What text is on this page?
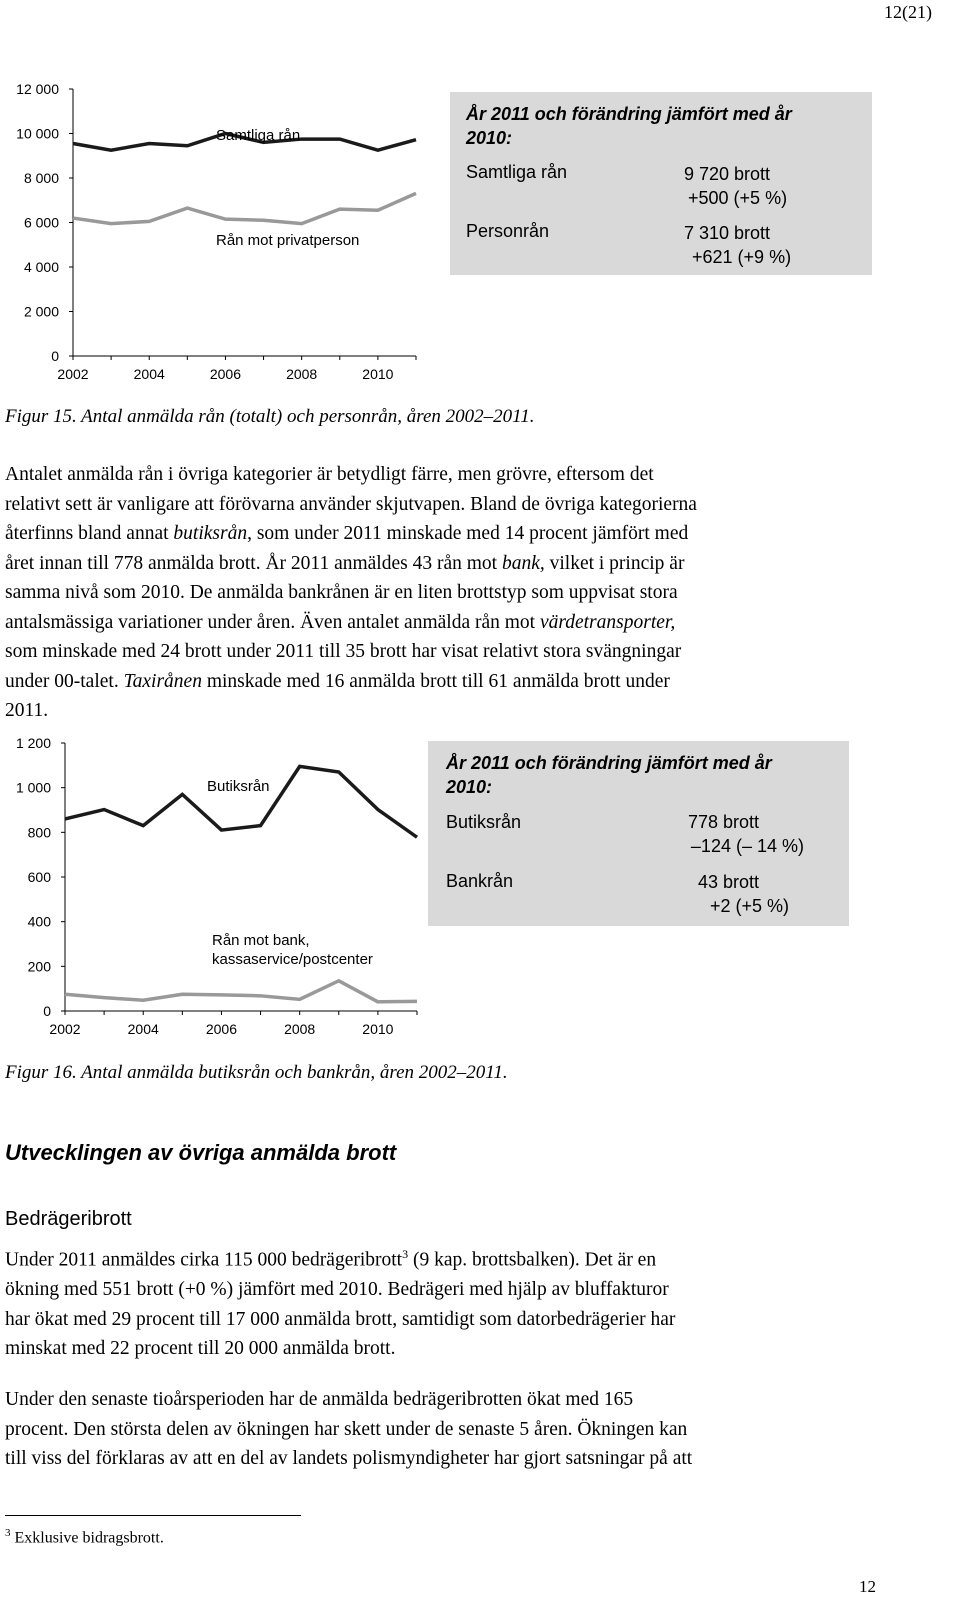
12(21)
0
2 000
4 000
6 000
8 000
10 000
12 000
2002	2004	2006	2008	2010
Samtliga rån
Rån mot privatperson
År 2011 och förändring jämfört med år
2010:
Samtliga rån	9 720 brott
+500 (+5 %)
Personrån	7 310 brott
+621 (+9 %)
Figur 15. Antal anmälda rån (totalt) och personrån, åren 2002–2011.
Antalet anmälda rån i övriga kategorier är betydligt färre, men grövre, eftersom det
relativt sett är vanligare att förövarna använder skjutvapen. Bland de övriga kategorierna
återfinns bland annat butiksrån, som under 2011 minskade med 14 procent jämfört med
året innan till 778 anmälda brott. År 2011 anmäldes 43 rån mot bank, vilket i princip är
samma nivå som 2010. De anmälda bankrånen är en liten brottstyp som uppvisat stora
antalsmässiga variationer under åren. Även antalet anmälda rån mot värdetransporter,
som minskade med 24 brott under 2011 till 35 brott har visat relativt stora svängningar
under 00-talet. Taxirånen minskade med 16 anmälda brott till 61 anmälda brott under
2011.
0
200
400
600
800
1 000
1 200
2002	2004	2006	2008	2010
Butiksrån
Rån mot bank,
kassaservice/postcenter
År 2011 och förändring jämfört med år
2010:
Butiksrån	778 brott
–124 (– 14 %)
Bankrån	43 brott
+2 (+5 %)
Figur 16. Antal anmälda butiksrån och bankrån, åren 2002–2011.
Utvecklingen av övriga anmälda brott
Bedrägeribrott
Under 2011 anmäldes cirka 115 000 bedrägeribrott$^3$ (9 kap. brottsbalken). Det är en
ökning med 551 brott (+0 %) jämfört med 2010. Bedrägeri med hjälp av bluffakturor
har ökat med 29 procent till 17 000 anmälda brott, samtidigt som datorbedrägerier har
minskat med 22 procent till 20 000 anmälda brott.
Under den senaste tioårsperioden har de anmälda bedrägeribrotten ökat med 165
procent. Den största delen av ökningen har skett under de senaste 5 åren. Ökningen kan
till viss del förklaras av att en del av landets polismyndigheter har gjort satsningar på att
$^3$ Exklusive bidragsbrott.
12
